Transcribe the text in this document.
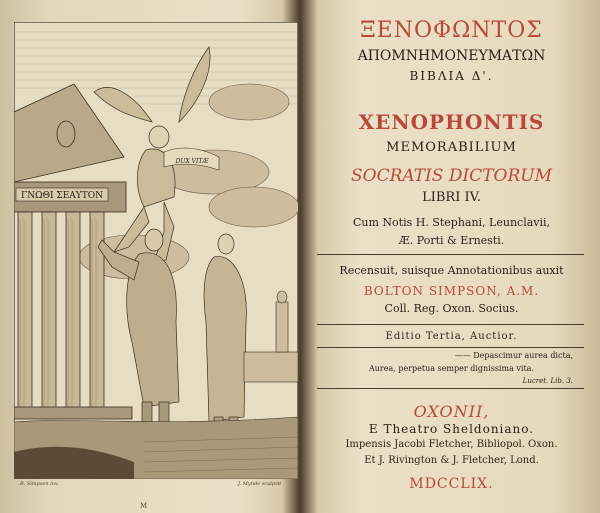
ΓΝΩΘΙ ΣΕΑΥΤΟΝ
DUX VITÆ
B. Simpson inv.	J. Mynde sculpsit
M
ΞΕΝΟΦΩΝΤΟΣ
ΑΠΟΜΝΗΜΟΝΕΥΜΑΤΩΝ
ΒΙΒΛΙΑ Δ'.
XENOPHONTIS
MEMORABILIUM
SOCRATIS DICTORUM
LIBRI IV.
Cum Notis H. Stephani, Leunclavii,
Æ. Porti & Ernesti.
Recensuit, suisque Annotationibus auxit
BOLTON SIMPSON, A.M.
Coll. Reg. Oxon. Socius.
Editio Tertia, Auctior.
—— Depascimur aurea dicta,
Aurea, perpetua semper dignissima vita.
Lucret. Lib. 3.
OXONII,
E Theatro Sheldoniano.
Impensis Jacobi Fletcher, Bibliopol. Oxon.
Et J. Rivington & J. Fletcher, Lond.
MDCCLIX.
